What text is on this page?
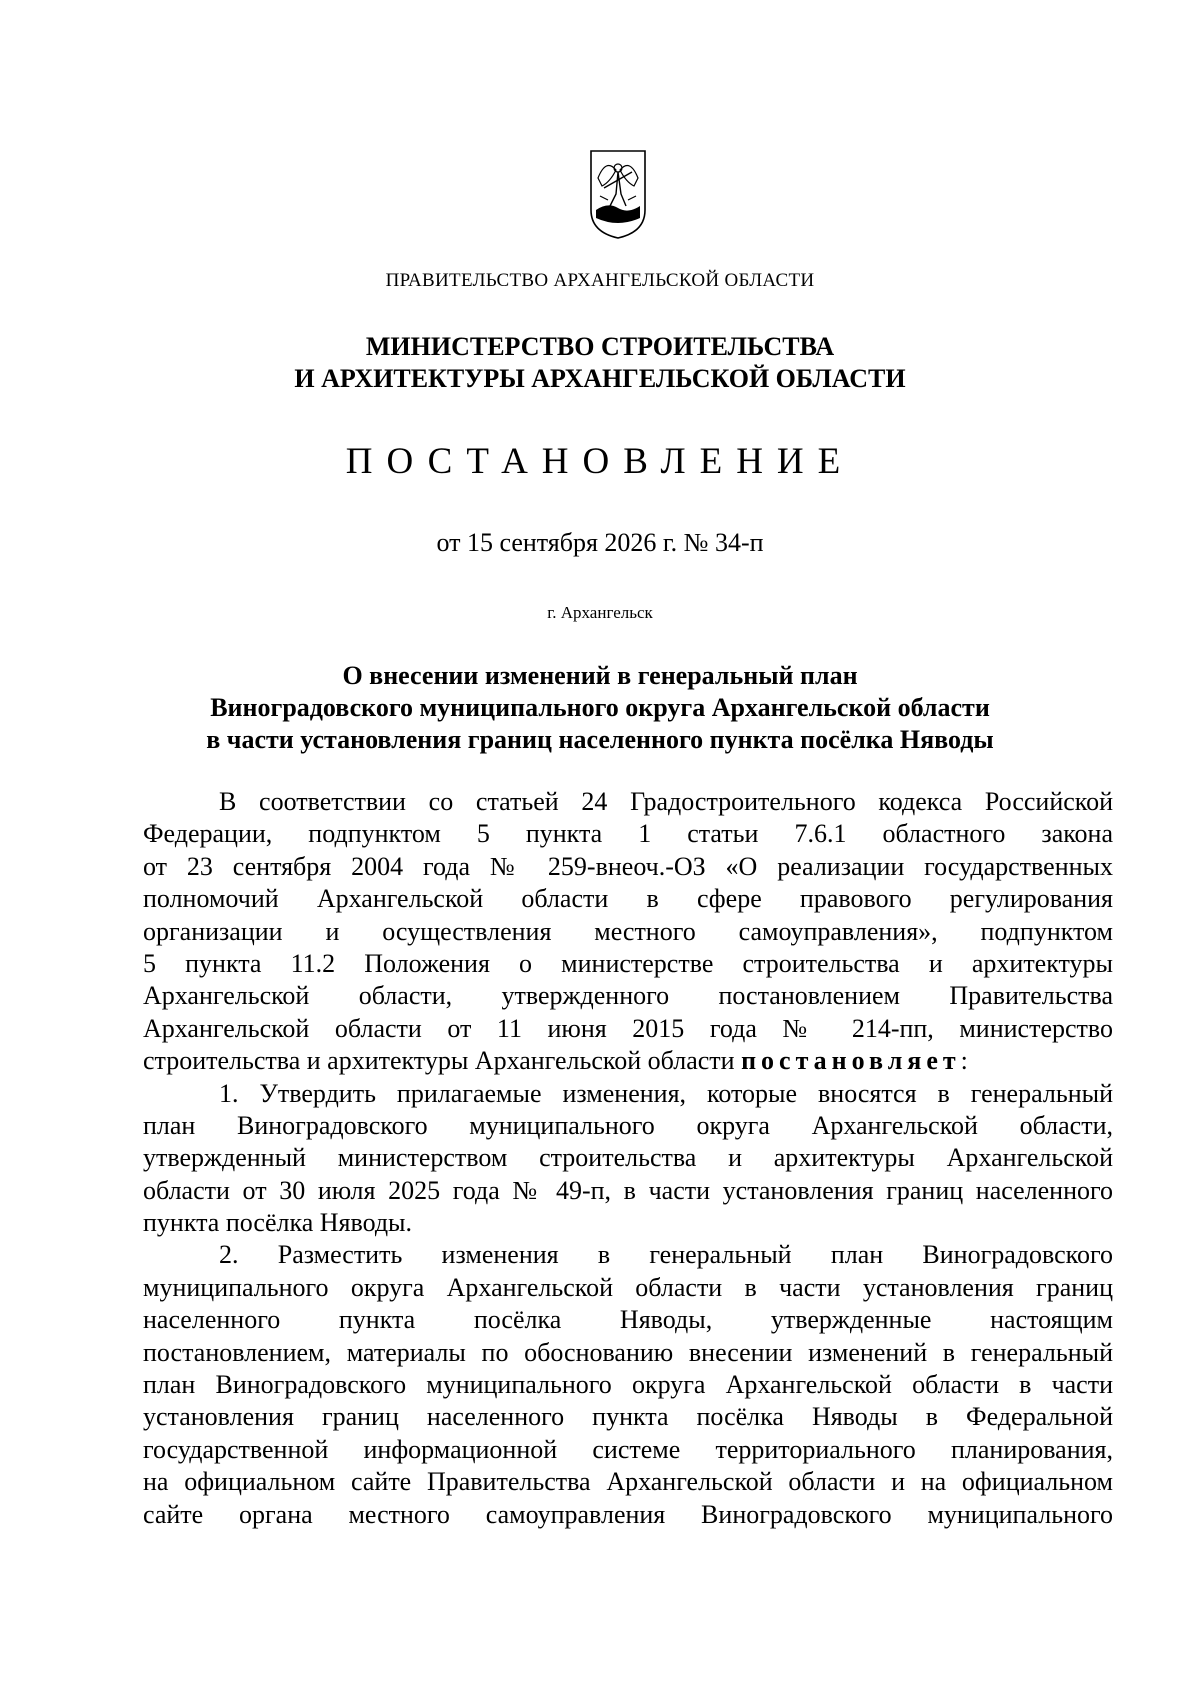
ПРАВИТЕЛЬСТВО АРХАНГЕЛЬСКОЙ ОБЛАСТИ
МИНИСТЕРСТВО СТРОИТЕЛЬСТВА
И АРХИТЕКТУРЫ АРХАНГЕЛЬСКОЙ ОБЛАСТИ
ПОСТАНОВЛЕНИЕ
от 15 сентября 2026 г. № 34-п
г. Архангельск
О внесении изменений в генеральный план
Виноградовского муниципального округа Архангельской области
в части установления границ населенного пункта посёлка Няводы
В соответствии со статьей 24 Градостроительного кодекса Российской
Федерации, подпунктом 5 пункта 1 статьи 7.6.1 областного закона
от 23 сентября 2004 года № 259-внеоч.-ОЗ «О реализации государственных
полномочий Архангельской области в сфере правового регулирования
организации и осуществления местного самоуправления», подпунктом
5 пункта 11.2 Положения о министерстве строительства и архитектуры
Архангельской области, утвержденного постановлением Правительства
Архангельской области от 11 июня 2015 года № 214-пп, министерство
строительства и архитектуры Архангельской области постановляет:
1. Утвердить прилагаемые изменения, которые вносятся в генеральный
план Виноградовского муниципального округа Архангельской области,
утвержденный министерством строительства и архитектуры Архангельской
области от 30 июля 2025 года № 49-п, в части установления границ населенного
пункта посёлка Няводы.
2. Разместить изменения в генеральный план Виноградовского
муниципального округа Архангельской области в части установления границ
населенного пункта посёлка Няводы, утвержденные настоящим
постановлением, материалы по обоснованию внесении изменений в генеральный
план Виноградовского муниципального округа Архангельской области в части
установления границ населенного пункта посёлка Няводы в Федеральной
государственной информационной системе территориального планирования,
на официальном сайте Правительства Архангельской области и на официальном
сайте органа местного самоуправления Виноградовского муниципального
